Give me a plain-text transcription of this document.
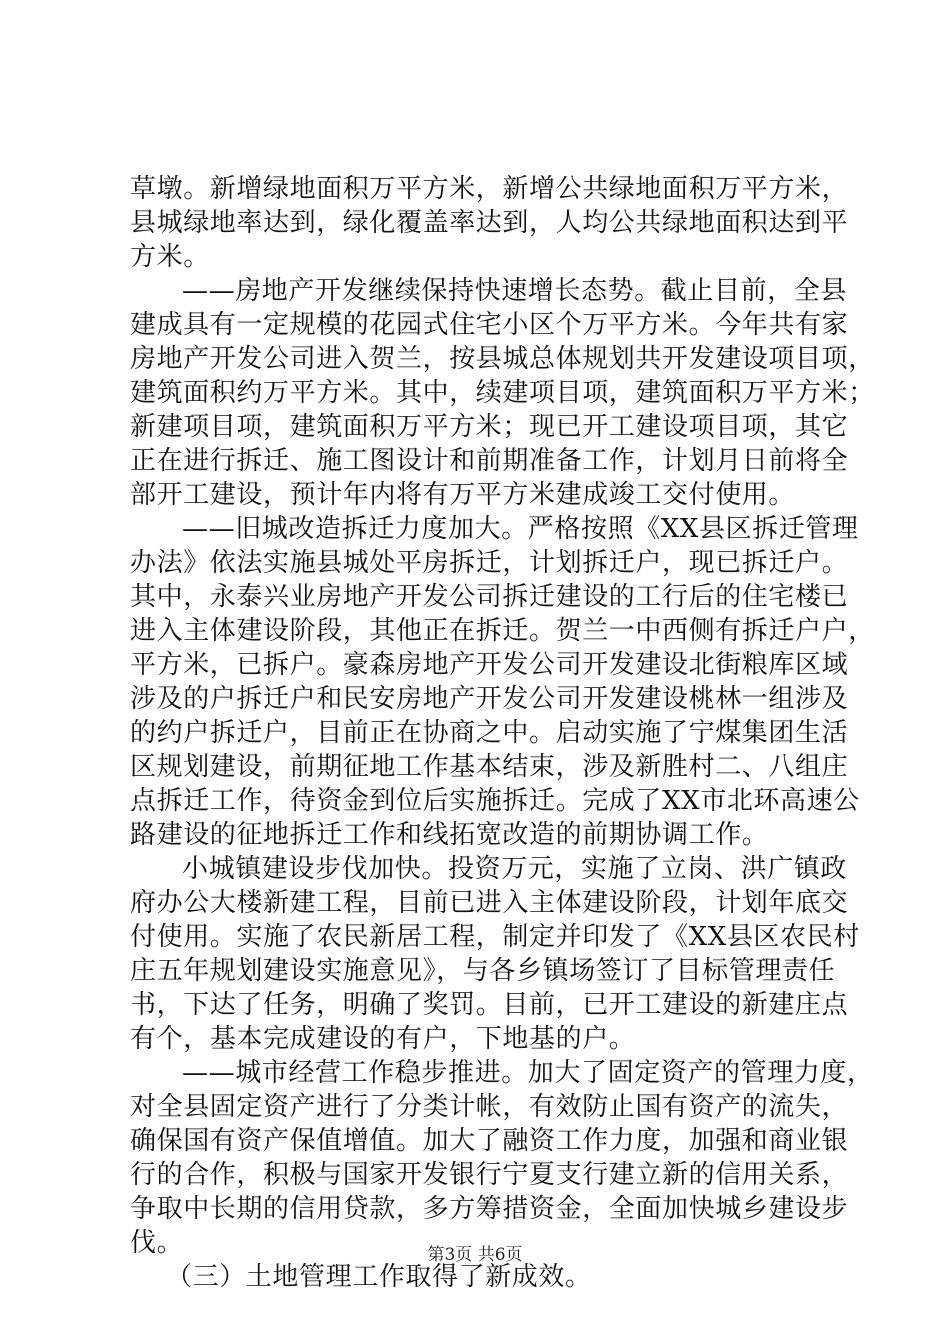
草墩。新增绿地面积万平方米，新增公共绿地面积万平方米，
县城绿地率达到，绿化覆盖率达到，人均公共绿地面积达到平
方米。
——房地产开发继续保持快速增长态势。截止目前，全县
建成具有一定规模的花园式住宅小区个万平方米。今年共有家
房地产开发公司进入贺兰，按县城总体规划共开发建设项目项，
建筑面积约万平方米。其中，续建项目项，建筑面积万平方米；
新建项目项，建筑面积万平方米；现已开工建设项目项，其它
正在进行拆迁、施工图设计和前期准备工作，计划月日前将全
部开工建设，预计年内将有万平方米建成竣工交付使用。
——旧城改造拆迁力度加大。严格按照《XX县区拆迁管理
办法》依法实施县城处平房拆迁，计划拆迁户，现已拆迁户。
其中，永泰兴业房地产开发公司拆迁建设的工行后的住宅楼已
进入主体建设阶段，其他正在拆迁。贺兰一中西侧有拆迁户户，
平方米，已拆户。豪森房地产开发公司开发建设北街粮库区域
涉及的户拆迁户和民安房地产开发公司开发建设桃林一组涉及
的约户拆迁户，目前正在协商之中。启动实施了宁煤集团生活
区规划建设，前期征地工作基本结束，涉及新胜村二、八组庄
点拆迁工作，待资金到位后实施拆迁。完成了XX市北环高速公
路建设的征地拆迁工作和线拓宽改造的前期协调工作。
小城镇建设步伐加快。投资万元，实施了立岗、洪广镇政
府办公大楼新建工程，目前已进入主体建设阶段，计划年底交
付使用。实施了农民新居工程，制定并印发了《XX县区农民村
庄五年规划建设实施意见》，与各乡镇场签订了目标管理责任
书，下达了任务，明确了奖罚。目前，已开工建设的新建庄点
有个，基本完成建设的有户，下地基的户。
——城市经营工作稳步推进。加大了固定资产的管理力度，
对全县固定资产进行了分类计帐，有效防止国有资产的流失，
确保国有资产保值增值。加大了融资工作力度，加强和商业银
行的合作，积极与国家开发银行宁夏支行建立新的信用关系，
争取中长期的信用贷款，多方筹措资金，全面加快城乡建设步
伐。
（三）土地管理工作取得了新成效。
第3页 共6页
